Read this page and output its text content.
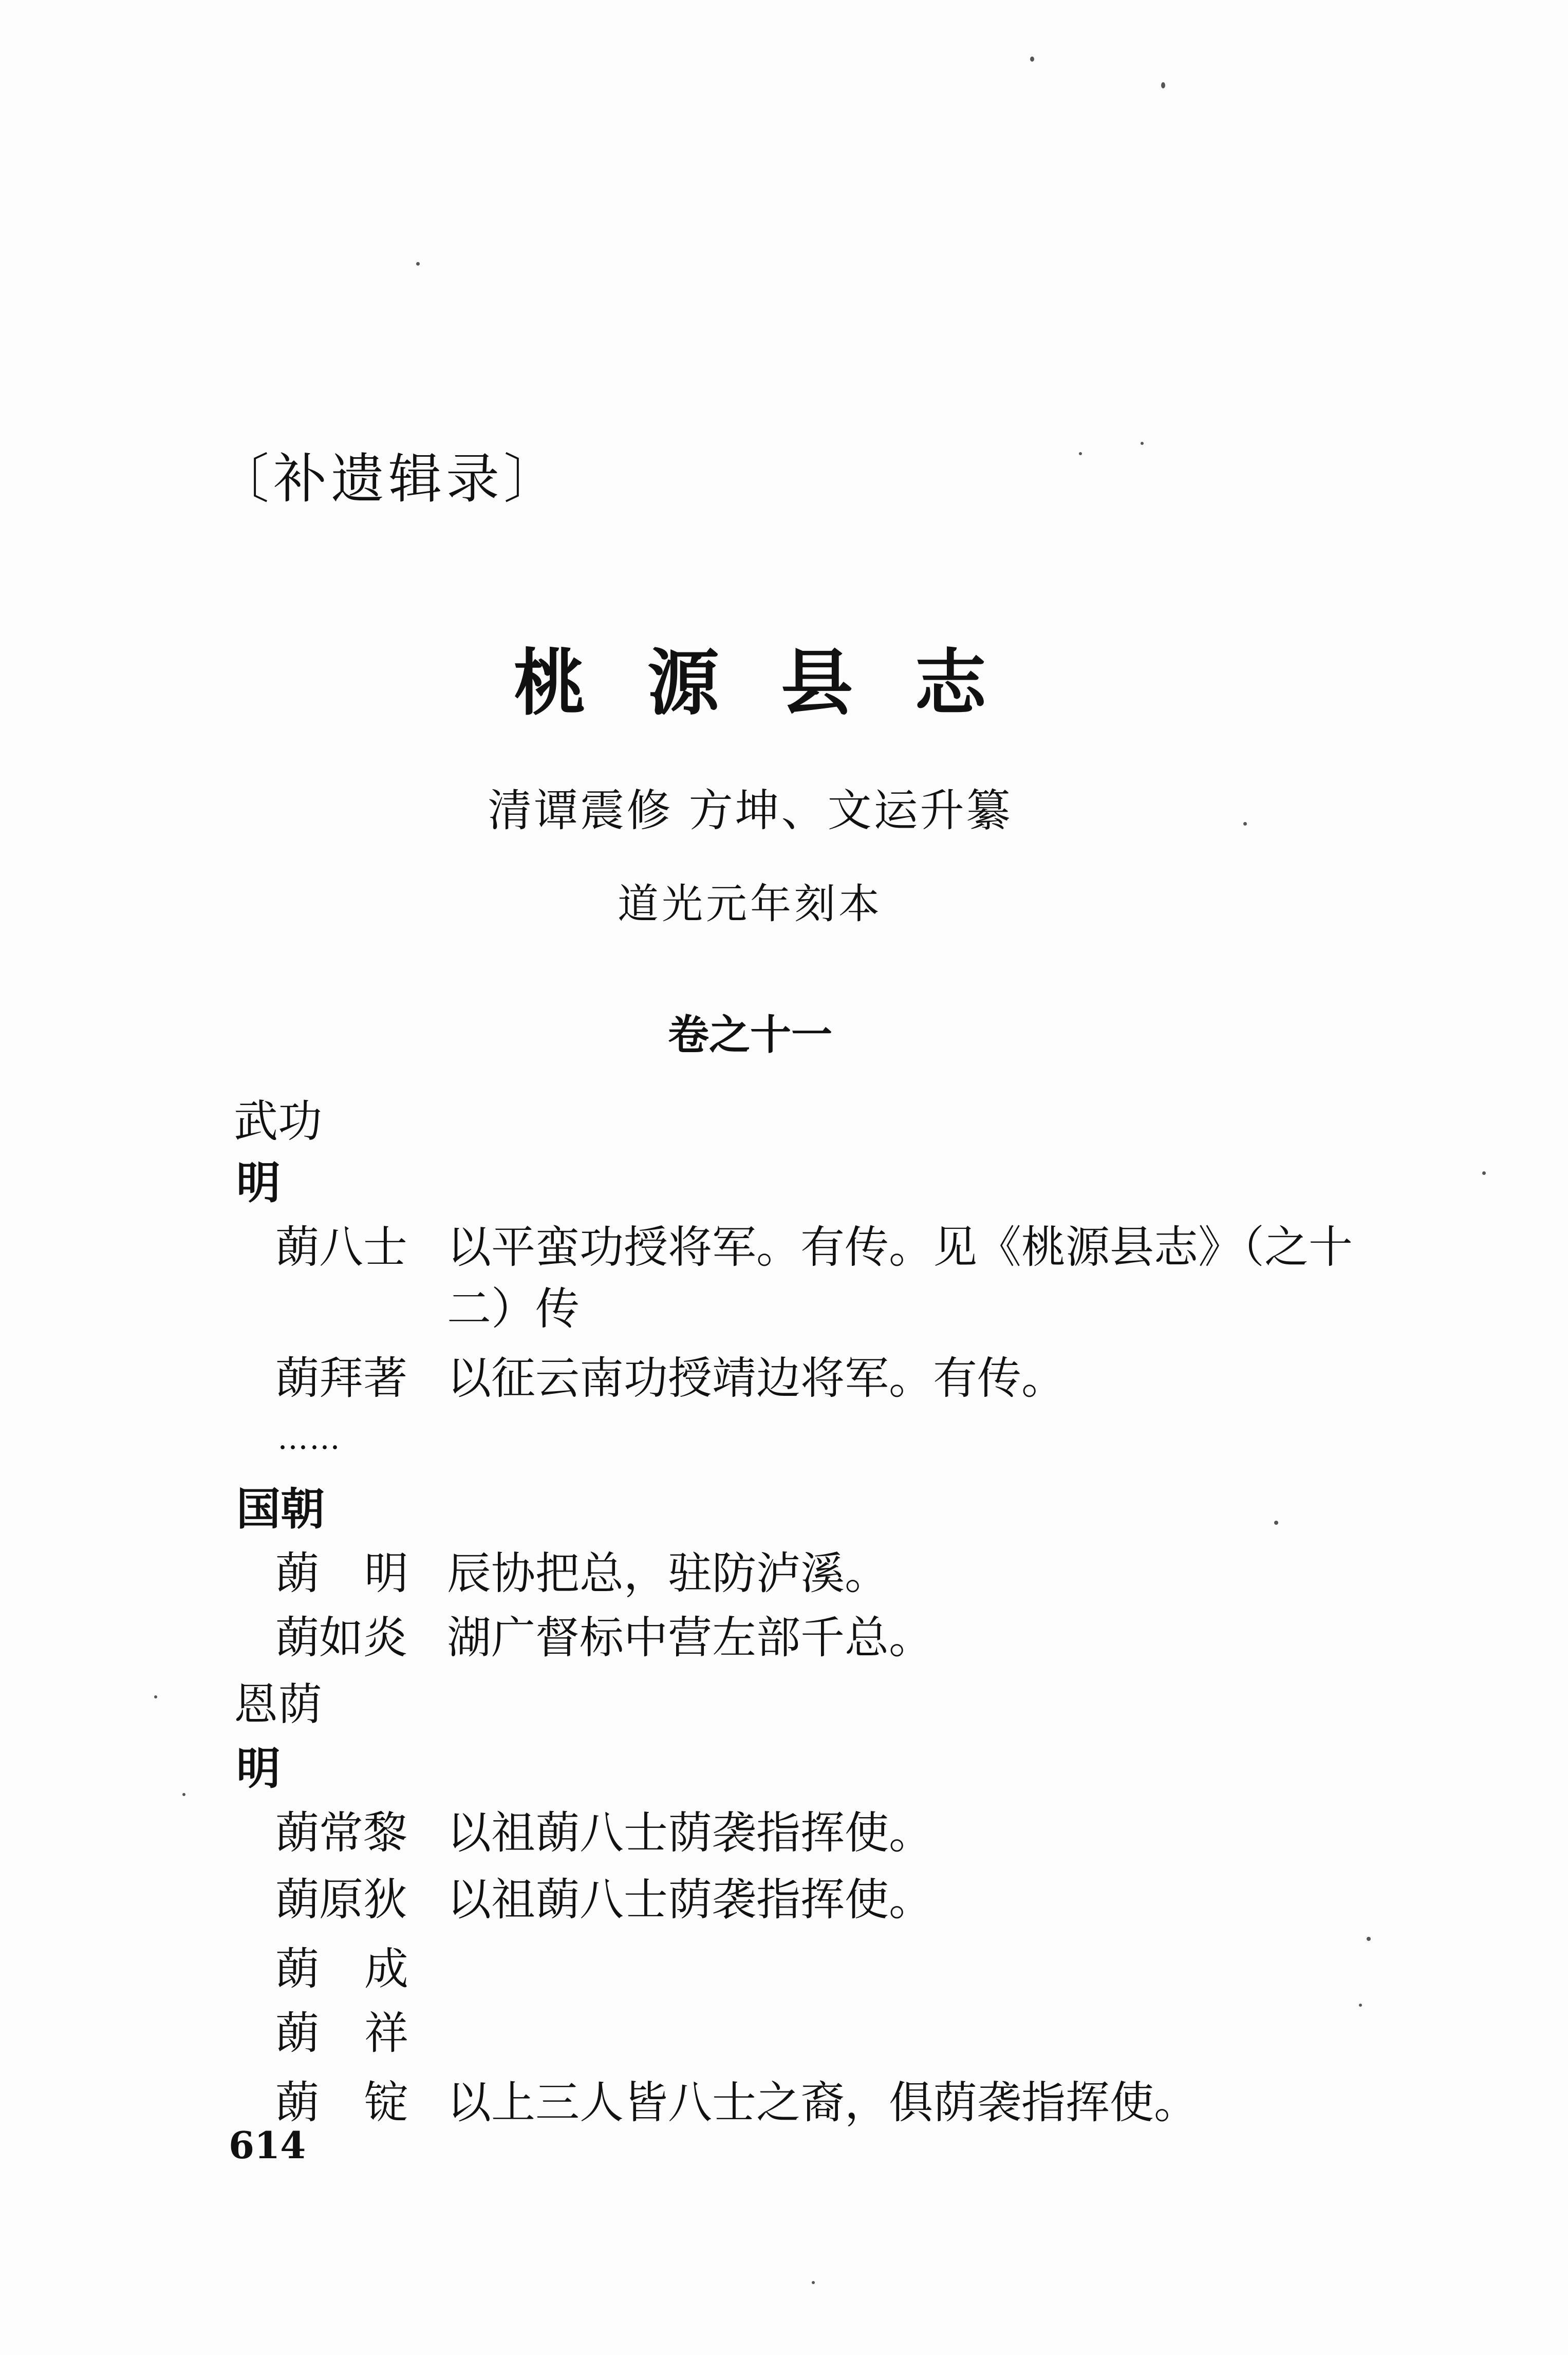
〔补遗辑录〕
桃 源 县 志
清谭震修 方坤、文运升纂
道光元年刻本
卷之十一
武功
明
蓢八士 以平蛮功授将军。有传。见《桃源县志》（之十
二）传
蓢拜著 以征云南功授靖边将军。有传。
……
国朝
蓢 明 辰协把总，驻防泸溪。
蓢如炎 湖广督标中营左部千总。
恩荫
明
蓢常黎 以祖蓢八士荫袭指挥使。
蓢原狄 以祖蓢八士荫袭指挥使。
蓢 成
蓢 祥
蓢 锭 以上三人皆八士之裔，俱荫袭指挥使。
614
